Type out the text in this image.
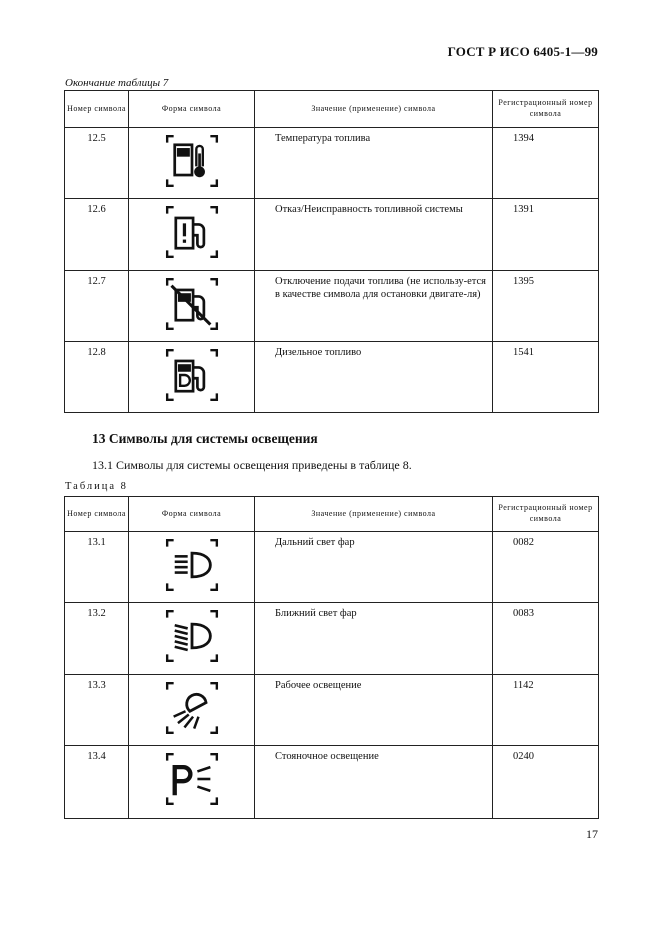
ГОСТ Р ИСО 6405-1—99
Окончание таблицы 7
Номер символа	Форма символа	Значение (применение) символа	Регистрационный номер символа
12.5		Температура топлива	1394
12.6		Отказ/Неисправность топливной системы	1391
12.7		Отключение подачи топлива (не использу-ется в качестве символа для остановки двигате-ля)	1395
12.8		Дизельное топливо	1541
13 Символы для системы освещения
13.1 Символы для системы освещения приведены в таблице 8.
Таблица 8
Номер символа	Форма символа	Значение (применение) символа	Регистрационный номер символа
13.1		Дальний свет фар	0082
13.2		Ближний свет фар	0083
13.3		Рабочее освещение	1142
13.4		Стояночное освещение	0240
17
